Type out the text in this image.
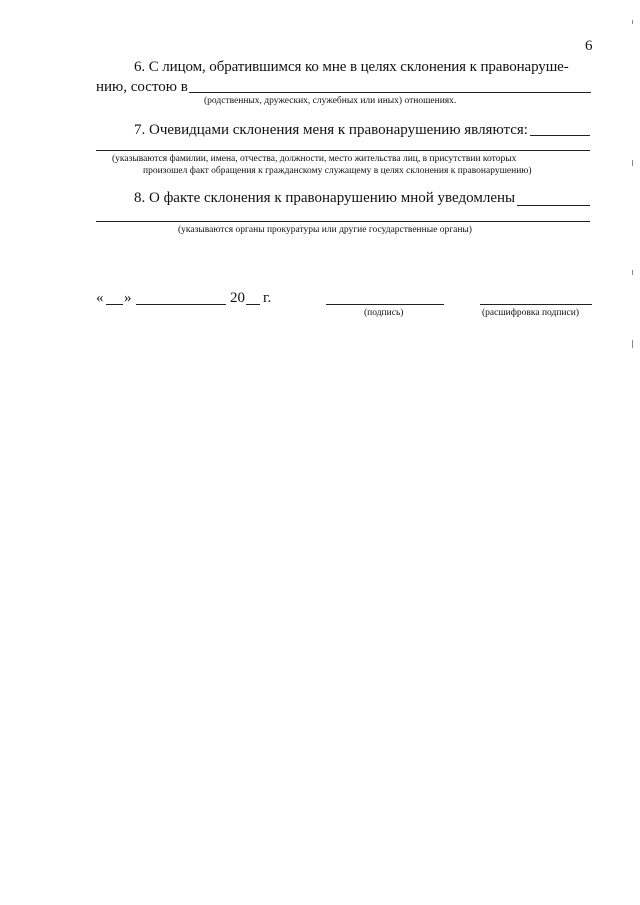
6
6. С лицом, обратившимся ко мне в целях склонения к правонаруше-
нию, состою в
(родственных, дружеских, служебных или иных) отношениях.
7. Очевидцами склонения меня к правонарушению являются:
(указываются фамилии, имена, отчества, должности, место жительства лиц, в присутствии которых
произошел факт обращения к гражданскому служащему в целях склонения к правонарушению)
8. О факте склонения к правонарушению мной уведомлены
(указываются органы прокуратуры или другие государственные органы)
« »	20 г.
(подпись)	(расшифровка подписи)
